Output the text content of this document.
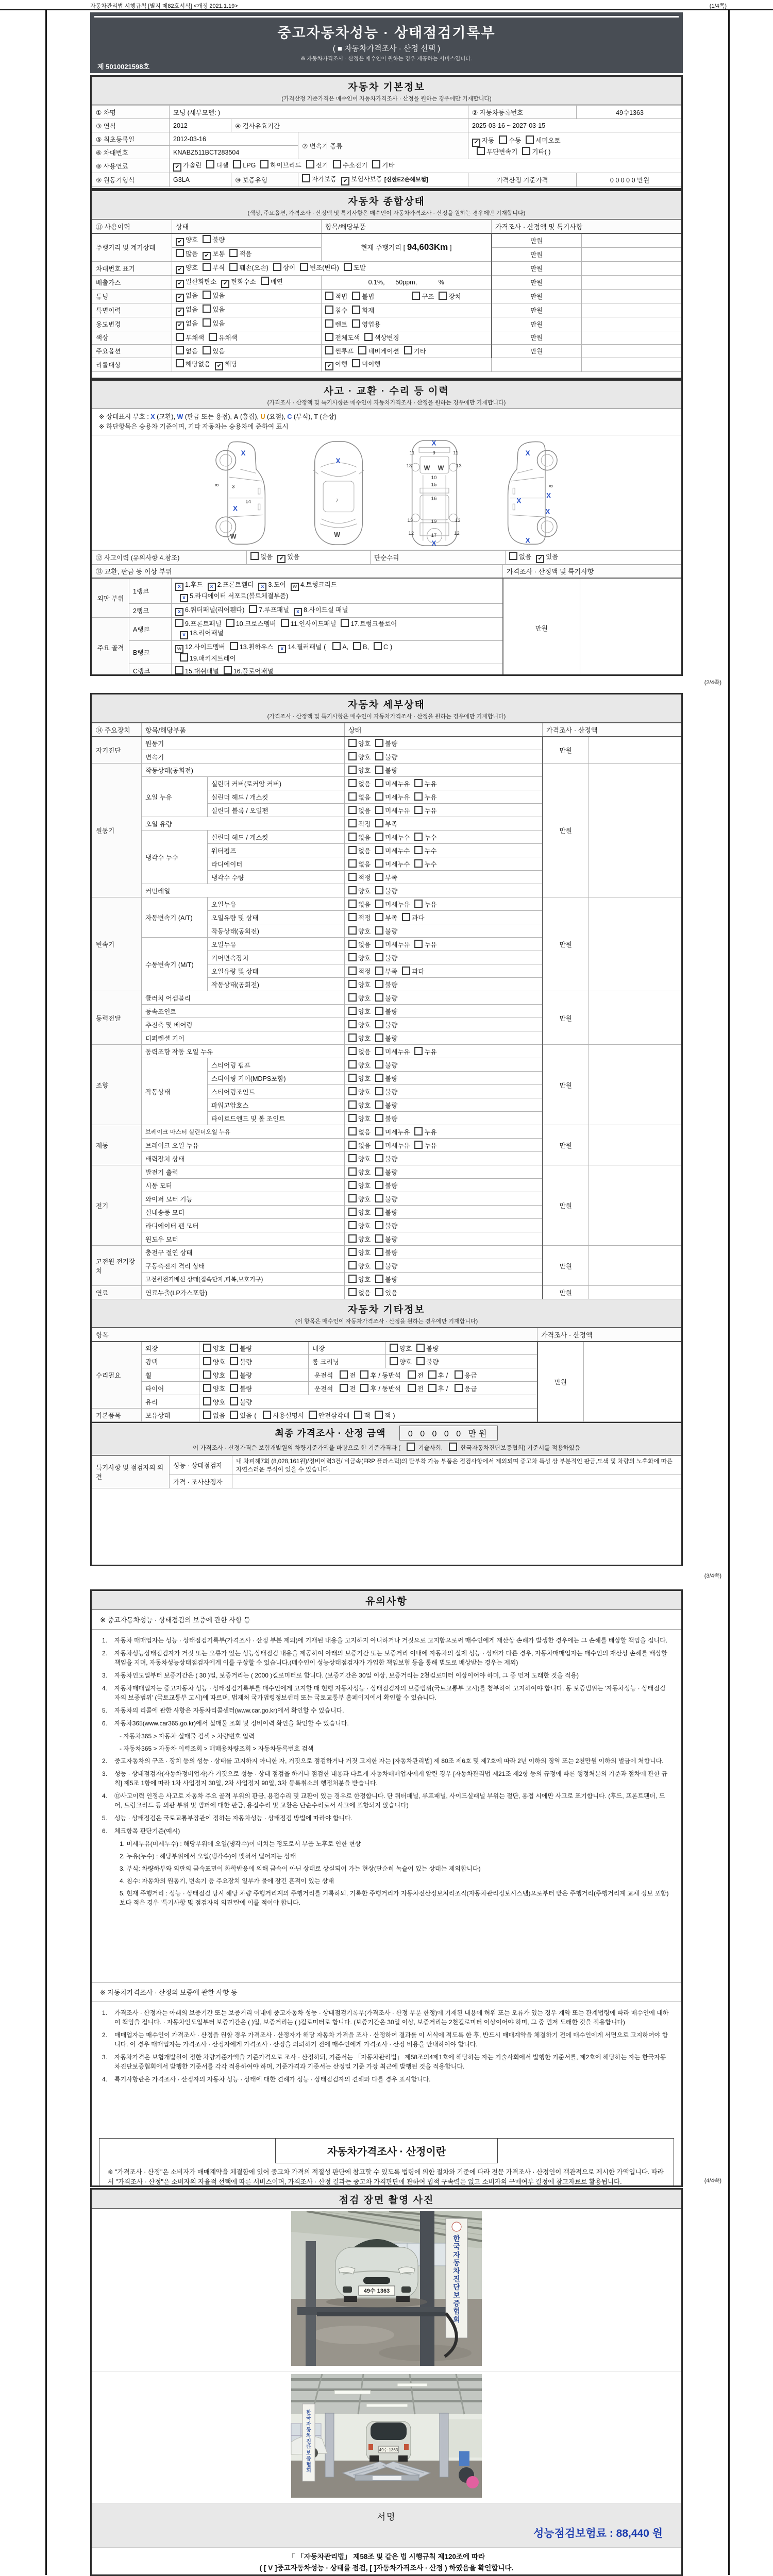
자동차관리법 시행규칙 [별지 제82호서식] <개정 2021.1.19>	(1/4쪽)
중고자동차성능 · 상태점검기록부
( ■ 자동차가격조사 · 산정 선택 )
※ 자동차가격조사 · 산정은 매수인이 원하는 경우 제공하는 서비스입니다.
제 5010021598호
자동차 기본정보
(가격산정 기준가격은 매수인이 자동차가격조사 · 산정을 원하는 경우에만 기재합니다)
① 차명	모닝 (세부모델: )			② 자동차등록번호	49수1363
③ 연식	2012	④ 검사유효기간		2025-03-16 ~ 2027-03-15	
⑤ 최초등록일	2012-03-16		⑦ 변속기 종류	✔ 자동 수동 세미오토
무단변속기 기타( )	
⑥ 차대번호	KNABZ511BCT283504				
⑧ 사용연료	✔ 가솔린 디젤 LPG 하이브리드 전기 수소전기 기타				
⑨ 원동기형식	G3LA	⑩ 보증유형	자가보증 ✔ 보험사보증 [신한EZ손해보험]	가격산정 기준가격	0 0 0 0 0 만원
자동차 종합상태
(색상, 주요옵션, 가격조사 · 산정액 및 특기사항은 매수인이 자동차가격조사 · 산정을 원하는 경우에만 기재합니다)
⑪ 사용이력	상태	항목/해당부품	가격조사 · 산정액 및 특기사항	
주행거리 및 계기상태	✔ 양호 불량	현재 주행거리 [ 94,603Km ]	만원	
	많음 ✔ 보통 적음		만원	
차대번호 표기	✔ 양호 부식 훼손(오손) 상이 변조(변타) 도말		만원	
배출가스	✔ 일산화탄소 ✔ 탄화수소 매연	0.1%,      50ppm,            %	만원	
튜닝	✔ 없음 있음	적법 불법 구조 장치	만원	
특별이력	✔ 없음 있음	침수 화재	만원	
용도변경	✔ 없음 있음	렌트 영업용	만원	
색상	무채색 유채색	전체도색 색상변경	만원	
주요옵션	없음 있음	썬루프 네비게이션 기타	만원	
리콜대상	해당없음 ✔ 해당	✔ 이행 미이행		
사고 · 교환 · 수리 등 이력
(가격조사 · 산정액 및 특기사항은 매수인이 자동차가격조사 · 산정을 원하는 경우에만 기재합니다)
※ 상태표시 부호 : X (교환), W (판금 또는 용접), A (흠집), U (요철), C (부식), T (손상)
※ 하단항목은 승용차 기준이며, 기타 자동차는 승용차에 준하여 표시
X
8 3
14
X
W
X
7
W
X
11	9	11
13 W W 13
10
15
16
13	19	13
12	17	12
X
X
8
X
X
X
X
⑫ 사고이력 (유의사항 4.참조)	없음 ✔ 있음	단순수리	없음 ✔ 있음
⑬ 교환, 판금 등 이상 부위			가격조사 · 산정액 및 특기사항	
외판 부위	1랭크	x 1.후드 x 2.프론트휀더 x 3.도어 w 4.트렁크리드
x 5.라디에이터 서포트(볼트체결부품)	만원	
	2랭크	x 6.쿼더패널(리어휀다) 7.루프패널 x 8.사이드실 패널		
주요 골격	A랭크	9.프론트패널 10.크로스멤버 11.인사이드패널 17.트렁크플로어
x 18.리어패널		
	B랭크	w 12.사이드멤버 13.휠하우스 x 14.필러패널 ( A, B, C )
19.패키지트레이		
	C랭크	15.대쉬패널 16.플로어패널		
(2/4쪽)
자동차 세부상태
(가격조사 · 산정액 및 특기사항은 매수인이 자동차가격조사 · 산정을 원하는 경우에만 기재합니다)
⑭ 주요장치	항목/해당부품		상태	가격조사 · 산정액	
자기진단	원동기		양호 불량	만원	
	변속기		양호 불량		
원동기	작동상태(공회전)		양호 불량	만원	
	오일 누유	실린더 커버(로커암 커버)	없음 미세누유 누유		
		실린더 헤드 / 개스킷	없음 미세누유 누유		
		실린더 블록 / 오일팬	없음 미세누유 누유		
	오일 유량		적정 부족		
	냉각수 누수	실린더 헤드 / 개스킷	없음 미세누수 누수		
		워터펌프	없음 미세누수 누수		
		라디에이터	없음 미세누수 누수		
		냉각수 수량	적정 부족		
	커먼레일		양호 불량		
변속기	자동변속기 (A/T)	오일누유	없음 미세누유 누유	만원	
		오일유량 및 상태	적정 부족 과다		
		작동상태(공회전)	양호 불량		
	수동변속기 (M/T)	오일누유	없음 미세누유 누유		
		기어변속장치	양호 불량		
		오일유량 및 상태	적정 부족 과다		
		작동상태(공회전)	양호 불량		
동력전달	클러치 어셈블리		양호 불량	만원	
	등속조인트		양호 불량		
	추진축 및 베어링		양호 불량		
	디퍼렌셜 기어		양호 불량		
조향	동력조향 작동 오일 누유		없음 미세누유 누유	만원	
	작동상태	스티어링 펌프	양호 불량		
		스티어링 기어(MDPS포함)	양호 불량		
		스티어링조인트	양호 불량		
		파워고압호스	양호 불량		
		타이로드엔드 및 볼 조인트	양호 불량		
제동	브레이크 마스터 실린더오일 누유		없음 미세누유 누유	만원	
	브레이크 오일 누유		없음 미세누유 누유		
	배력장치 상태		양호 불량		
전기	발전기 출력		양호 불량	만원	
	시동 모터		양호 불량		
	와이퍼 모터 기능		양호 불량		
	실내송풍 모터		양호 불량		
	라디에이터 팬 모터		양호 불량		
	윈도우 모터		양호 불량		
고전원 전기장치	충전구 절연 상태		양호 불량	만원	
	구동축전지 격리 상태		양호 불량		
	고전원전기배선 상태(접속단자,피복,보호기구)		양호 불량		
연료	연료누출(LP가스포함)		없음 있음	만원	
자동차 기타정보
(이 항목은 매수인이 자동차가격조사 · 산정을 원하는 경우에만 기재합니다)
항목					가격조사 · 산정액	
수리필요	외장	양호 불량	내장	양호 불량	만원	
	광택	양호 불량	룸 크리닝	양호 불량		
	휠	양호 불량	운전석 전 후 / 동반석 전 후 / 응급			
	타이어	양호 불량	운전석 전 후 / 동반석 전 후 / 응급			
	유리	양호 불량				
기본품목	보유상태	없음 있음 ( 사용설명서 안전삼각대 잭 잭 )				
최종 가격조사 · 산정 금액	0 0 0 0 0 만원
이 가격조사 · 산정가격은 보험개발원의 차량기준가액을 바탕으로 한 기준가격과 (  기술사회,  한국자동차진단보증협회) 기준서를 적용하였음
특기사항 및 점검자의 의견	성능 · 상태점검자	내 차피해7회 (8,028,161원)/정비이력3건/ 비금속(FRP 플라스틱)의 탈부착 가능 부품은 점검사항에서 제외되며 중고차 특성 상 부분적인 판금,도색 및 차량의 노후화에 따른 자연스러운 부식이 있을 수 있습니다.
	가격 · 조사산정자	
(3/4쪽)
유의사항
※ 중고자동차성능 · 상태점검의 보증에 관한 사항 등
1.	자동차 매매업자는 성능 · 상태점검기록부(가격조사 · 산정 부분 제외)에 기재된 내용을 고지하지 아니하거나 거짓으로 고지함으로써 매수인에게 재산상 손해가 발생한 경우에는 그 손해를 배상할 책임을 집니다.
2.	자동차성능상태점검자가 거짓 또는 오류가 있는 성능상태점검 내용을 제공하여 아래의 보증기간 또는 보증거리 이내에 자동차의 실제 성능 · 상태가 다른 경우, 자동차매매업자는 매수인의 재산상 손해를 배상할 책임을 지며, 자동차성능상태점검자에게 이를 구상할 수 있습니다.(매수인이 성능상태점검자가 가입한 책임보험 등을 통해 별도로 배상받는 경우는 제외)
3.	자동차인도일부터 보증기간은 ( 30 )일, 보증거리는 ( 2000 )킬로미터로 합니다. (보증기간은 30일 이상, 보증거리는 2천킬로미터 이상이어야 하며, 그 중 먼저 도래한 것을 적용)
4.	자동차매매업자는 중고자동차 성능 · 상태점검기록부를 매수인에게 고지할 때 현행 자동차성능 · 상태점검자의 보증범위(국토교통부 고시)를 첨부하여 고지하여야 합니다. 동 보증범위는 '자동차성능 · 상태점검자의 보증범위' (국토교통부 고시)에 따르며, 법제처 국가법령정보센터 또는 국토교통부 홈페이지에서 확인할 수 있습니다.
5.	자동차의 리콜에 관한 사항은 자동차리콜센터(www.car.go.kr)에서 확인할 수 있습니다.
6.	자동차365(www.car365.go.kr)에서 실매물 조회 및 정비이력 확인을 확인할 수 있습니다.
- 자동차365 > 자동차 실매물 검색 > 차량번호 입력
- 자동차365 > 자동차 이력조회 > 매매용차량조회 > 자동차등록번호 검색
2.	중고자동차의 구조 · 장치 등의 성능 · 상태를 고지하지 아니한 자, 거짓으로 점검하거나 거짓 고지한 자는 [자동차관리법] 제 80조 제6호 및 제7호에 따라 2년 이하의 징역 또는 2천만원 이하의 벌금에 처합니다.
3.	성능 · 상태점검자(자동차정비업자)가 거짓으로 성능 · 상태 점검을 하거나 점검한 내용과 다르게 자동차매매업자에게 알린 경우 [자동차관리법 제21조 제2항 등의 규정에 따른 행정처분의 기준과 절차에 관한 규칙] 제5조 1항에 따라 1차 사업정지 30일, 2차 사업정지 90일, 3차 등록취소의 행정처분을 받습니다.
4.	⑫사고이력 인정은 사고로 자동차 주요 골격 부위의 판금, 용접수리 및 교환이 있는 경우로 한정합니다. 단 쿼터패널, 루프패널, 사이드실패널 부위는 절단, 용접 시에만 사고로 표기합니다. (후드, 프론트펜더, 도어, 트렁크리드 등 외판 부위 및 범퍼에 대한 판금, 용접수리 및 교환은 단순수리로서 사고에 포함되지 않습니다)
5.	성능 · 상태점검은 국토교통부장관이 정하는 자동차성능 · 상태점검 방법에 따라야 합니다.
6.	체크항목 판단기준(예시)
1. 미세누유(미세누수) : 해당부위에 오일(냉각수)이 비치는 정도로서 부품 노후로 인한 현상
2. 누유(누수) : 해당부위에서 오일(냉각수)이 맺혀서 떨어지는 상태
3. 부식: 차량하부와 외판의 금속표면이 화학반응에 의해 금속이 아닌 상태로 상실되어 가는 현상(단순히 녹슬어 있는 상태는 제외합니다)
4. 침수: 자동차의 원동기, 변속기 등 주요장치 일부가 물에 잠긴 흔적이 있는 상태
5. 현재 주행거리 : 성능 · 상태점검 당시 해당 차량 주행거리계의 주행거리를 기록하되, 기록한 주행거리가 자동차전산정보처리조직(자동차관리정보시스템)으로부터 받은 주행거리(주행거리계 교체 정보 포함)보다 적은 경우 '특기사항 및 점검자의 의견'란에 이를 적어야 합니다.
※ 자동차가격조사 · 산정의 보증에 관한 사항 등
1.	가격조사 · 산정자는 아래의 보증기간 또는 보증거리 이내에 중고자동차 성능 · 상태점검기록부(가격조사 · 산정 부분 한정)에 기재된 내용에 허위 또는 오류가 있는 경우 계약 또는 관계법령에 따라 매수인에 대하여 책임을 집니다. · 자동차인도일부터 보증기간은 ( )일, 보증거리는 ( )킬로미터로 합니다. (보증기간은 30일 이상, 보증거리는 2천킬로미터 이상이어야 하며, 그 중 먼저 도래한 것을 적용합니다)
2.	매매업자는 매수인이 가격조사 · 산정을 원할 경우 가격조사 · 산정자가 해당 자동차 가격을 조사 · 산정하여 결과를 이 서식에 적도록 한 후, 반드시 매매계약을 체결하기 전에 매수인에게 서면으로 고지하여야 합니다. 이 경우 매매업자는 가격조사 · 산정자에게 가격조사 · 산정을 의뢰하기 전에 매수인에게 가격조사 · 산정 비용을 안내하여야 합니다.
3.	자동차가격은 보험개발원이 정한 차량기준가액을 기준가격으로 조사 · 산정하되, 기준서는 「자동차관리법」 제58조의4제1호에 해당하는 자는 기술사회에서 발행한 기준서를, 제2호에 해당하는 자는 한국자동차진단보증협회에서 발행한 기준서를 각각 적용하여야 하며, 기준가격과 기준서는 산정일 기준 가장 최근에 발행된 것을 적용합니다.
4.	특기사항란은 가격조사 · 산정자의 자동차 성능 · 상태에 대한 견해가 성능 · 상태점검자의 견해와 다를 경우 표시합니다.
자동차가격조사 · 산정이란
※ "가격조사 · 산정"은 소비자가 매매계약을 체결함에 있어 중고차 가격의 적절성 판단에 참고할 수 있도록 법령에 의한 절차와 기준에 따라 전문 가격조사 · 산정인이 객관적으로 제시한 가액입니다. 따라서 "가격조사 · 산정"은 소비자의 자율적 선택에 따른 서비스이며, 가격조사 · 산정 결과는 중고차 가격판단에 관하여 법적 구속력은 없고 소비자의 구매여부 결정에 참고자료로 활용됩니다.	(4/4쪽)
점검 장면 촬영 사진
49수 1363
한 국 자 동 차 진 단 보 증 협 회
49수 1363
한 국 자 동 차 진 단 보 증 협 회
서명
성능점검보험료 : 88,440 원
「 「자동차관리법」 제58조 및 같은 법 시행규칙 제120조에 따라
( [ V ]중고자동차성능 · 상태를 점검, [ ]자동차가격조사 · 산정 ) 하였음을 확인합니다.
